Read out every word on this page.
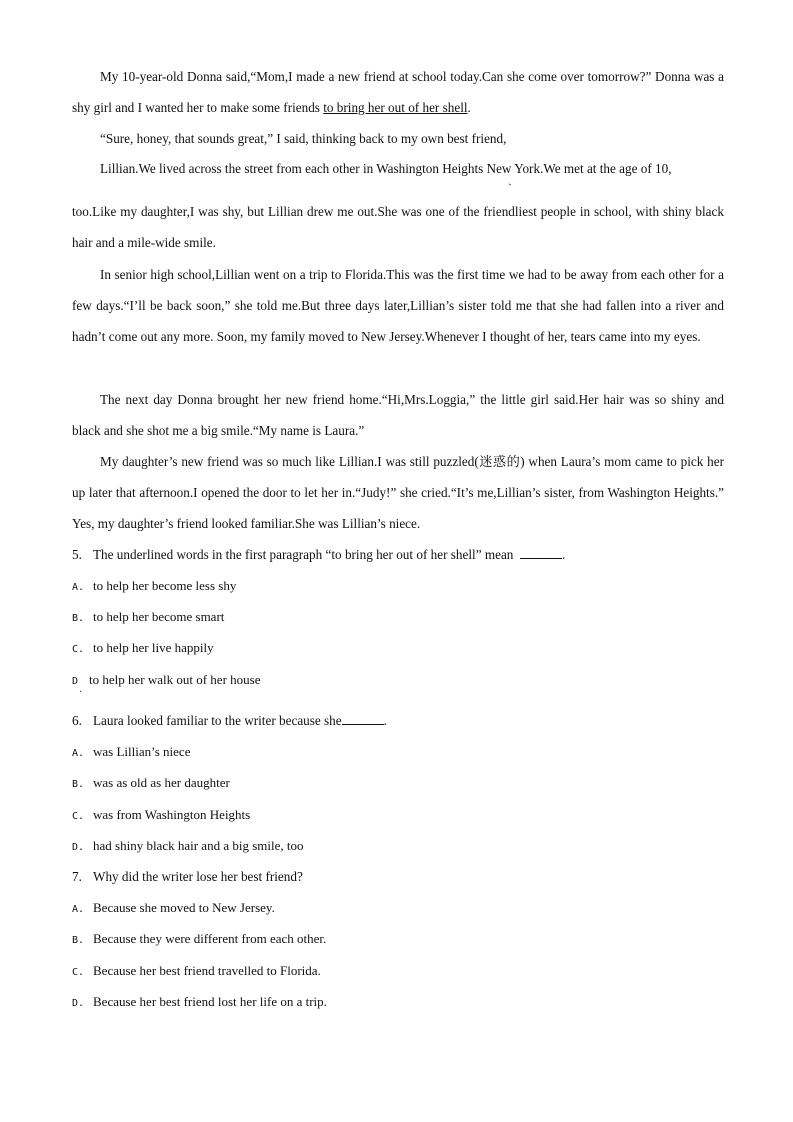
My 10-year-old Donna said,“Mom,I made a new friend at school today.Can she come over tomorrow?” Donna was a shy girl and I wanted her to make some friends to bring her out of her shell.

“Sure, honey, that sounds great,” I said, thinking back to my own best friend,

Lillian.We lived across the street from each other in Washington Heights New York.We met at the age of 10,

ˏ

too.Like my daughter,I was shy, but Lillian drew me out.She was one of the friendliest people in school, with shiny black hair and a mile-wide smile.

In senior high school,Lillian went on a trip to Florida.This was the first time we had to be away from each other for a few days.“I’ll be back soon,” she told me.But three days later,Lillian’s sister told me that she had fallen into a river and hadn’t come out any more. Soon, my family moved to New Jersey.Whenever I thought of her, tears came into my eyes.

The next day Donna brought her new friend home.“Hi,Mrs.Loggia,” the little girl said.Her hair was so shiny and black and she shot me a big smile.“My name is Laura.”

My daughter’s new friend was so much like Lillian.I was still puzzled(迷惑的) when Laura’s mom came to pick her up later that afternoon.I opened the door to let her in.“Judy!” she cried.“It’s me,Lillian’s sister, from Washington Heights.” Yes, my daughter’s friend looked familiar.She was Lillian’s niece.

5. The underlined words in the first paragraph “to bring her out of her shell” mean	.
A. to help her become less shy
B. to help her become smart
C. to help her live happily
D to help her walk out of her house
ˑ
6. Laura looked familiar to the writer because she	.
A. was Lillian’s niece
B. was as old as her daughter
C. was from Washington Heights
D. had shiny black hair and a big smile, too
7. Why did the writer lose her best friend?
A. Because she moved to New Jersey.
B. Because they were different from each other.
C. Because her best friend travelled to Florida.
D. Because her best friend lost her life on a trip.
